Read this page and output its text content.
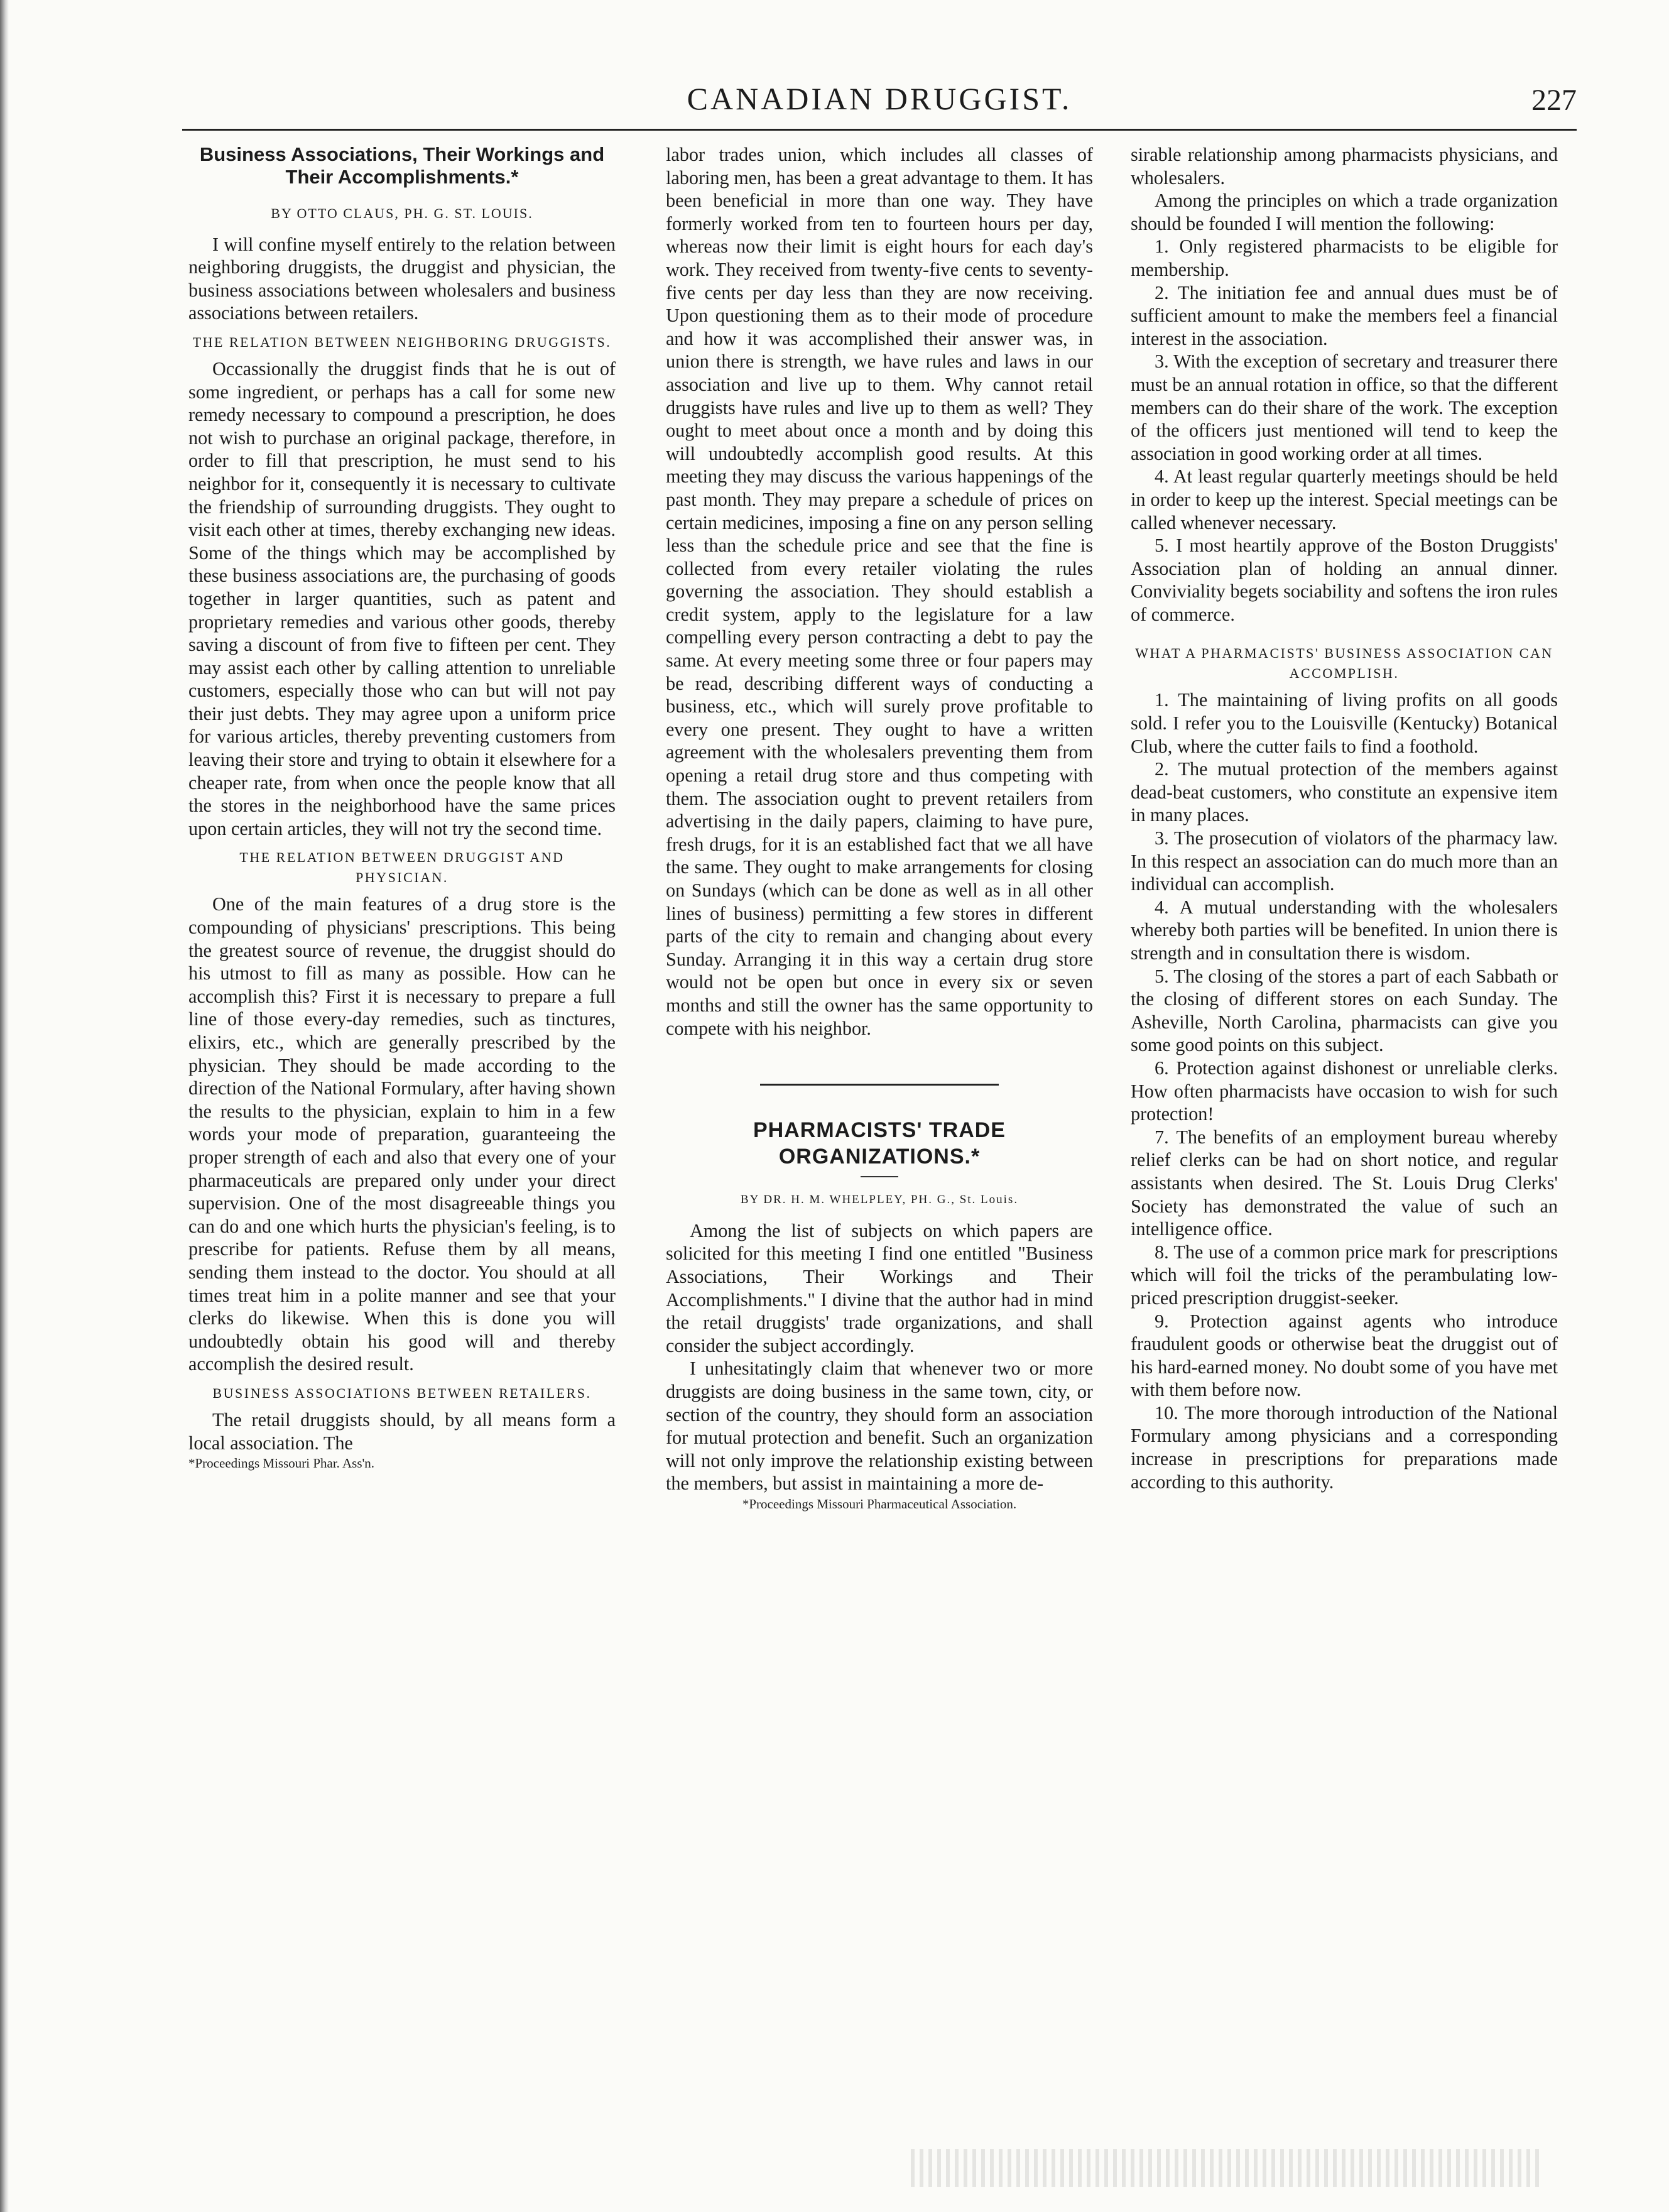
CANADIAN DRUGGIST.	227
Business Associations, Their Workings and Their Accomplishments.*
BY OTTO CLAUS, PH. G. ST. LOUIS.

I will confine myself entirely to the relation between neighboring druggists, the druggist and physician, the business associations between wholesalers and business associations between retailers.

THE RELATION BETWEEN NEIGHBORING DRUGGISTS.

Occassionally the druggist finds that he is out of some ingredient, or perhaps has a call for some new remedy necessary to compound a prescription, he does not wish to purchase an original package, therefore, in order to fill that prescription, he must send to his neighbor for it, consequently it is necessary to cultivate the friendship of surrounding druggists. They ought to visit each other at times, thereby exchanging new ideas. Some of the things which may be accomplished by these business associations are, the purchasing of goods together in larger quantities, such as patent and proprietary remedies and various other goods, thereby saving a discount of from five to fifteen per cent. They may assist each other by calling attention to unreliable customers, especially those who can but will not pay their just debts. They may agree upon a uniform price for various articles, thereby preventing customers from leaving their store and trying to obtain it elsewhere for a cheaper rate, from when once the people know that all the stores in the neighborhood have the same prices upon certain articles, they will not try the second time.

THE RELATION BETWEEN DRUGGIST AND PHYSICIAN.

One of the main features of a drug store is the compounding of physicians' prescriptions. This being the greatest source of revenue, the druggist should do his utmost to fill as many as possible. How can he accomplish this? First it is necessary to prepare a full line of those every-day remedies, such as tinctures, elixirs, etc., which are generally prescribed by the physician. They should be made according to the direction of the National Formulary, after having shown the results to the physician, explain to him in a few words your mode of preparation, guaranteeing the proper strength of each and also that every one of your pharmaceuticals are prepared only under your direct supervision. One of the most disagreeable things you can do and one which hurts the physician's feeling, is to prescribe for patients. Refuse them by all means, sending them instead to the doctor. You should at all times treat him in a polite manner and see that your clerks do likewise. When this is done you will undoubtedly obtain his good will and thereby accomplish the desired result.

BUSINESS ASSOCIATIONS BETWEEN RETAILERS.

The retail druggists should, by all means form a local association. The

*Proceedings Missouri Phar. Ass'n.

labor trades union, which includes all classes of laboring men, has been a great advantage to them. It has been beneficial in more than one way. They have formerly worked from ten to fourteen hours per day, whereas now their limit is eight hours for each day's work. They received from twenty-five cents to seventy-five cents per day less than they are now receiving. Upon questioning them as to their mode of procedure and how it was accomplished their answer was, in union there is strength, we have rules and laws in our association and live up to them. Why cannot retail druggists have rules and live up to them as well? They ought to meet about once a month and by doing this will undoubtedly accomplish good results. At this meeting they may discuss the various happenings of the past month. They may prepare a schedule of prices on certain medicines, imposing a fine on any person selling less than the schedule price and see that the fine is collected from every retailer violating the rules governing the association. They should establish a credit system, apply to the legislature for a law compelling every person contracting a debt to pay the same. At every meeting some three or four papers may be read, describing different ways of conducting a business, etc., which will surely prove profitable to every one present. They ought to have a written agreement with the wholesalers preventing them from opening a retail drug store and thus competing with them. The association ought to prevent retailers from advertising in the daily papers, claiming to have pure, fresh drugs, for it is an established fact that we all have the same. They ought to make arrangements for closing on Sundays (which can be done as well as in all other lines of business) permitting a few stores in different parts of the city to remain and changing about every Sunday. Arranging it in this way a certain drug store would not be open but once in every six or seven months and still the owner has the same opportunity to compete with his neighbor.

PHARMACISTS' TRADE ORGANIZATIONS.*
BY DR. H. M. WHELPLEY, PH. G., St. Louis.

Among the list of subjects on which papers are solicited for this meeting I find one entitled "Business Associations, Their Workings and Their Accomplishments." I divine that the author had in mind the retail druggists' trade organizations, and shall consider the subject accordingly.

I unhesitatingly claim that whenever two or more druggists are doing business in the same town, city, or section of the country, they should form an association for mutual protection and benefit. Such an organization will not only improve the relationship existing between the members, but assist in maintaining a more de-

*Proceedings Missouri Pharmaceutical Association.

sirable relationship among pharmacists physicians, and wholesalers.

Among the principles on which a trade organization should be founded I will mention the following:

1. Only registered pharmacists to be eligible for membership.

2. The initiation fee and annual dues must be of sufficient amount to make the members feel a financial interest in the association.

3. With the exception of secretary and treasurer there must be an annual rotation in office, so that the different members can do their share of the work. The exception of the officers just mentioned will tend to keep the association in good working order at all times.

4. At least regular quarterly meetings should be held in order to keep up the interest. Special meetings can be called whenever necessary.

5. I most heartily approve of the Boston Druggists' Association plan of holding an annual dinner. Conviviality begets sociability and softens the iron rules of commerce.

WHAT A PHARMACISTS' BUSINESS ASSOCIATION CAN ACCOMPLISH.

1. The maintaining of living profits on all goods sold. I refer you to the Louisville (Kentucky) Botanical Club, where the cutter fails to find a foothold.

2. The mutual protection of the members against dead-beat customers, who constitute an expensive item in many places.

3. The prosecution of violators of the pharmacy law. In this respect an association can do much more than an individual can accomplish.

4. A mutual understanding with the wholesalers whereby both parties will be benefited. In union there is strength and in consultation there is wisdom.

5. The closing of the stores a part of each Sabbath or the closing of different stores on each Sunday. The Asheville, North Carolina, pharmacists can give you some good points on this subject.

6. Protection against dishonest or unreliable clerks. How often pharmacists have occasion to wish for such protection!

7. The benefits of an employment bureau whereby relief clerks can be had on short notice, and regular assistants when desired. The St. Louis Drug Clerks' Society has demonstrated the value of such an intelligence office.

8. The use of a common price mark for prescriptions which will foil the tricks of the perambulating low-priced prescription druggist-seeker.

9. Protection against agents who introduce fraudulent goods or otherwise beat the druggist out of his hard-earned money. No doubt some of you have met with them before now.

10. The more thorough introduction of the National Formulary among physicians and a corresponding increase in prescriptions for preparations made according to this authority.
